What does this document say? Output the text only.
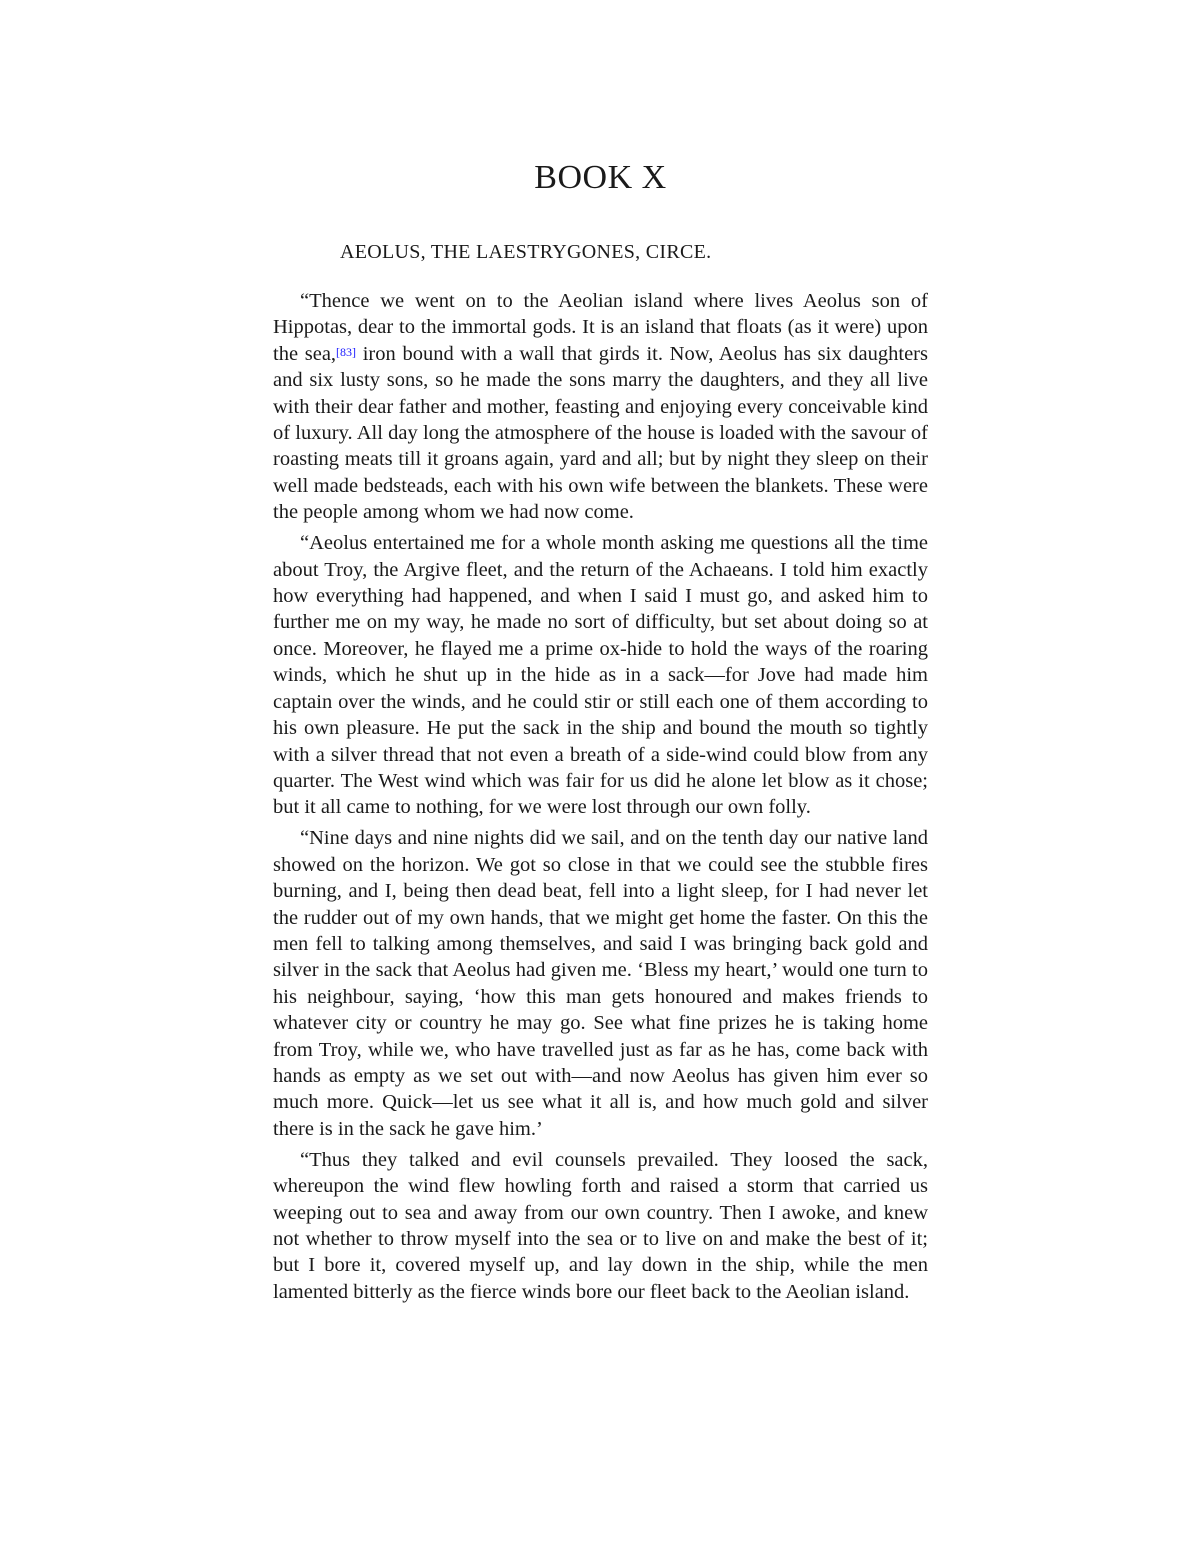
BOOK X
AEOLUS, THE LAESTRYGONES, CIRCE.

“Thence we went on to the Aeolian island where lives Aeolus son of Hippotas, dear to the immortal gods. It is an island that floats (as it were) upon the sea,[83] iron bound with a wall that girds it. Now, Aeolus has six daughters and six lusty sons, so he made the sons marry the daughters, and they all live with their dear father and mother, feasting and enjoying every conceivable kind of luxury. All day long the atmosphere of the house is loaded with the savour of roasting meats till it groans again, yard and all; but by night they sleep on their well made bedsteads, each with his own wife between the blankets. These were the people among whom we had now come.

“Aeolus entertained me for a whole month asking me questions all the time about Troy, the Argive fleet, and the return of the Achaeans. I told him exactly how everything had happened, and when I said I must go, and asked him to further me on my way, he made no sort of difficulty, but set about doing so at once. Moreover, he flayed me a prime ox-hide to hold the ways of the roaring winds, which he shut up in the hide as in a sack—for Jove had made him captain over the winds, and he could stir or still each one of them according to his own pleasure. He put the sack in the ship and bound the mouth so tightly with a silver thread that not even a breath of a side-wind could blow from any quarter. The West wind which was fair for us did he alone let blow as it chose; but it all came to nothing, for we were lost through our own folly.

“Nine days and nine nights did we sail, and on the tenth day our native land showed on the horizon. We got so close in that we could see the stubble fires burning, and I, being then dead beat, fell into a light sleep, for I had never let the rudder out of my own hands, that we might get home the faster. On this the men fell to talking among themselves, and said I was bringing back gold and silver in the sack that Aeolus had given me. ‘Bless my heart,’ would one turn to his neighbour, saying, ‘how this man gets honoured and makes friends to whatever city or country he may go. See what fine prizes he is taking home from Troy, while we, who have travelled just as far as he has, come back with hands as empty as we set out with—and now Aeolus has given him ever so much more. Quick—let us see what it all is, and how much gold and silver there is in the sack he gave him.’

“Thus they talked and evil counsels prevailed. They loosed the sack, whereupon the wind flew howling forth and raised a storm that carried us weeping out to sea and away from our own country. Then I awoke, and knew not whether to throw myself into the sea or to live on and make the best of it; but I bore it, covered myself up, and lay down in the ship, while the men lamented bitterly as the fierce winds bore our fleet back to the Aeolian island.
